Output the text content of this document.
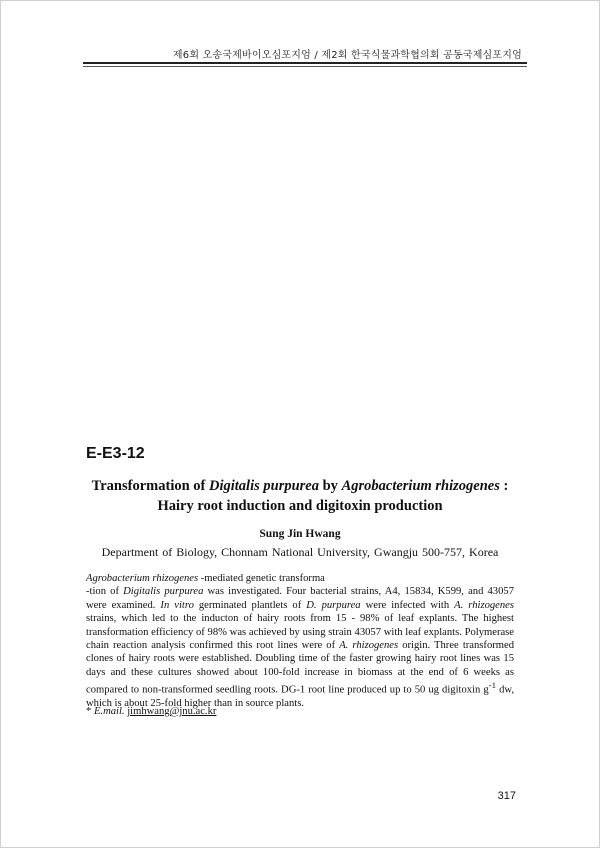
제6회 오송국제바이오심포지엄 / 제2회 한국식물과학협의회 공동국제심포지엄
E-E3-12
Transformation of Digitalis purpurea by Agrobacterium rhizogenes :
Hairy root induction and digitoxin production
Sung Jin Hwang
Department of Biology, Chonnam National University, Gwangju 500-757, Korea

Agrobacterium rhizogenes -mediated genetic transforma

-tion of Digitalis purpurea was investigated. Four bacterial strains, A4, 15834, K599, and 43057 were examined. In vitro germinated plantlets of D. purpurea were infected with A. rhizogenes strains, which led to the inducton of hairy roots from 15 - 98% of leaf explants. The highest transformation efficiency of 98% was achieved by using strain 43057 with leaf explants. Polymerase chain reaction analysis confirmed this root lines were of A. rhizogenes origin. Three transformed clones of hairy roots were established. Doubling time of the faster growing hairy root lines was 15 days and these cultures showed about 100-fold increase in biomass at the end of 6 weeks as compared to non-transformed seedling roots. DG-1 root line produced up to 50 ug digitoxin $g^{-1}$ dw, which is about 25-fold higher than in source plants.

* E.mail. jimhwang@jnu.ac.kr
317
